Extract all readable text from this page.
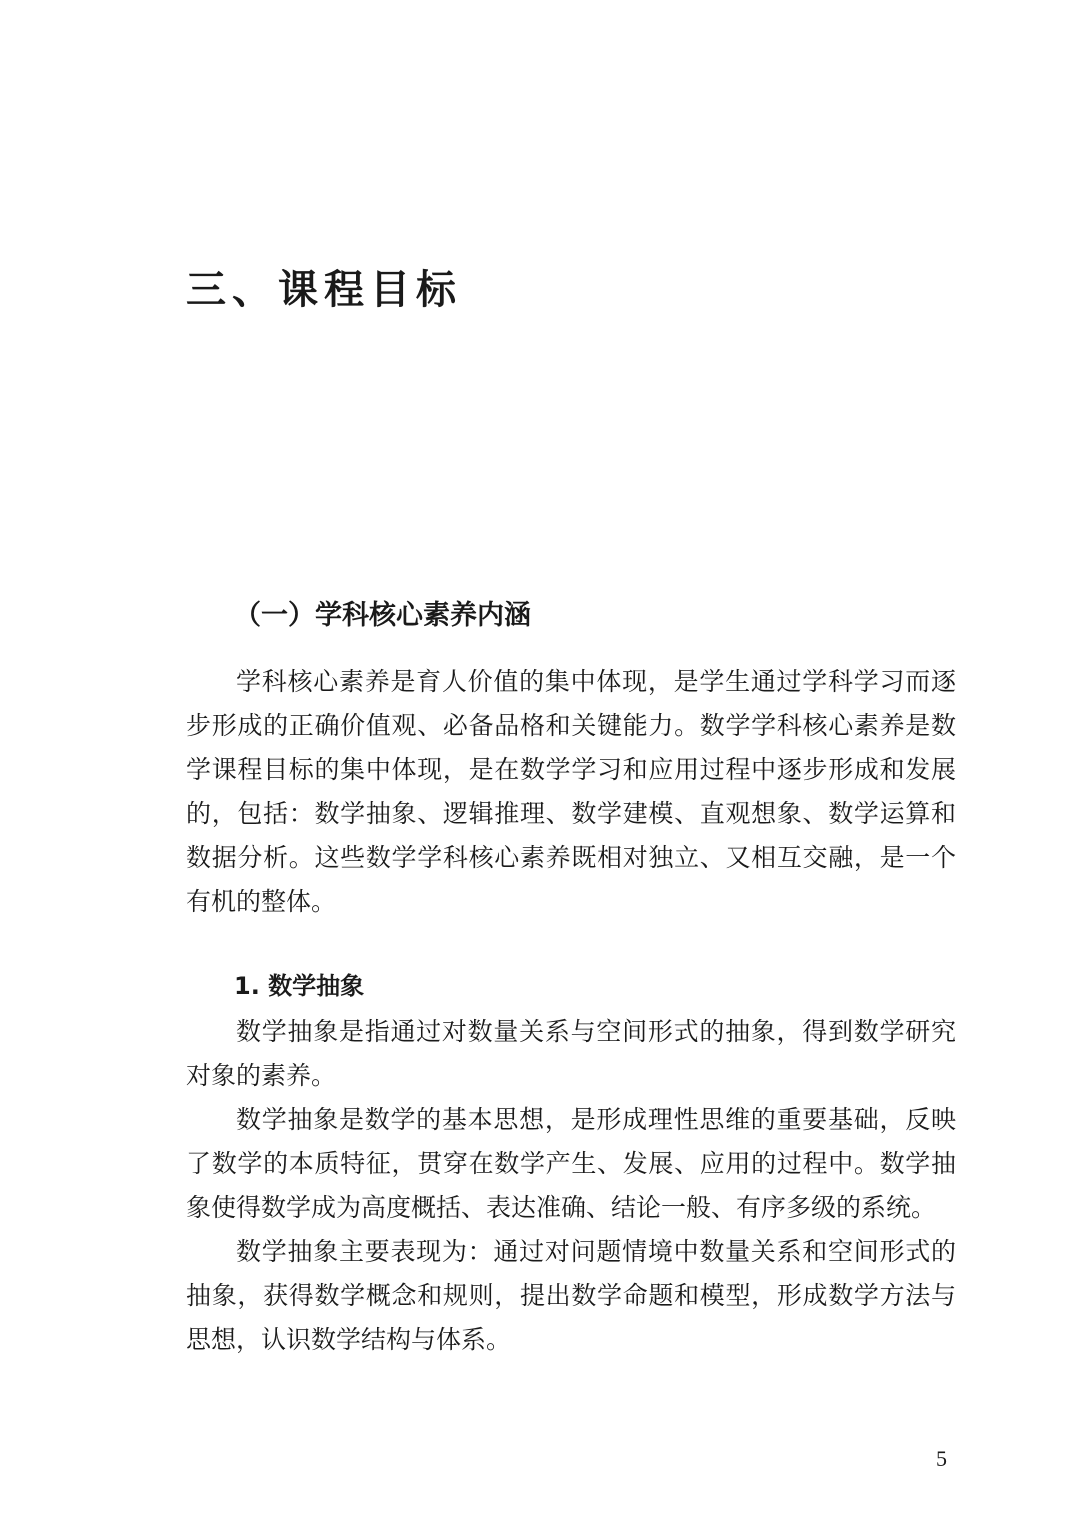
三、课程目标
（一）学科核心素养内涵

学科核心素养是育人价值的集中体现，是学生通过学科学习而逐步形成的正确价值观、必备品格和关键能力。数学学科核心素养是数学课程目标的集中体现，是在数学学习和应用过程中逐步形成和发展的，包括：数学抽象、逻辑推理、数学建模、直观想象、数学运算和数据分析。这些数学学科核心素养既相对独立、又相互交融，是一个有机的整体。

1. 数学抽象

数学抽象是指通过对数量关系与空间形式的抽象，得到数学研究对象的素养。

数学抽象是数学的基本思想，是形成理性思维的重要基础，反映了数学的本质特征，贯穿在数学产生、发展、应用的过程中。数学抽象使得数学成为高度概括、表达准确、结论一般、有序多级的系统。

数学抽象主要表现为：通过对问题情境中数量关系和空间形式的抽象，获得数学概念和规则，提出数学命题和模型，形成数学方法与思想，认识数学结构与体系。

5
